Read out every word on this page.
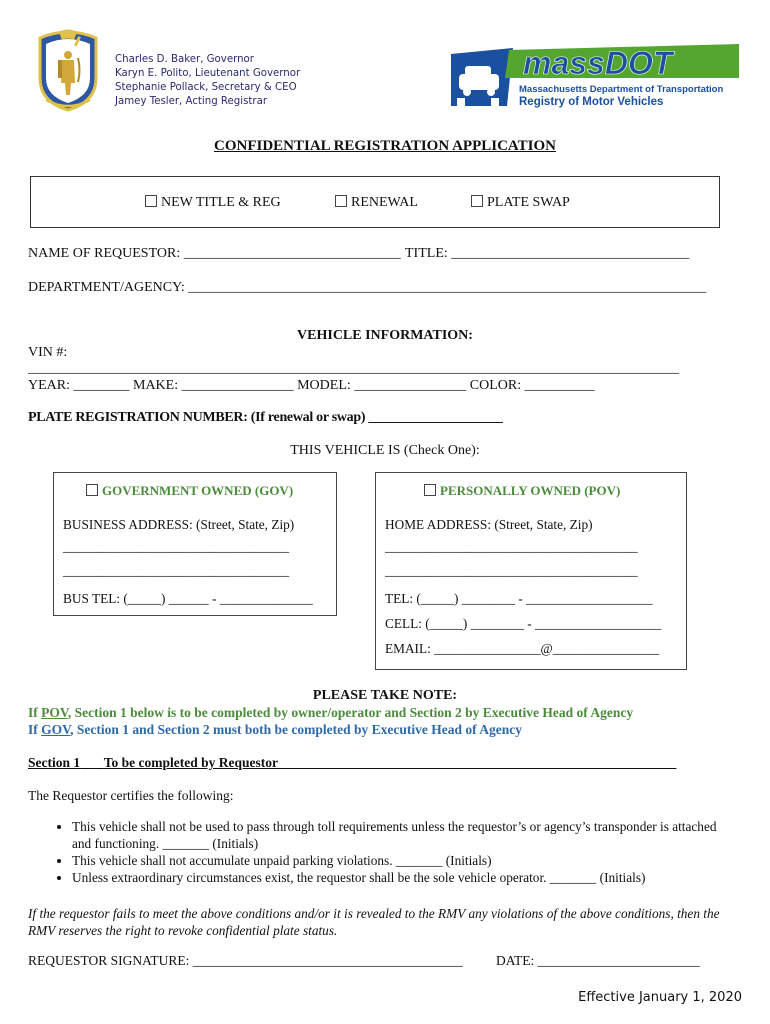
Charles D. Baker, Governor
Karyn E. Polito, Lieutenant Governor
Stephanie Pollack, Secretary & CEO
Jamey Tesler, Acting Registrar
massDOT
Massachusetts Department of Transportation
Registry of Motor Vehicles
CONFIDENTIAL REGISTRATION APPLICATION
NEW TITLE & REG	RENEWAL	PLATE SWAP
NAME OF REQUESTOR: _______________________________ TITLE: __________________________________
DEPARTMENT/AGENCY: __________________________________________________________________________
VEHICLE INFORMATION:
VIN #:
_____________________________________________________________________________________________
YEAR: ________ MAKE: ________________ MODEL: ________________ COLOR: __________
PLATE REGISTRATION NUMBER: (If renewal or swap) ____________________
THIS VEHICLE IS (Check One):
GOVERNMENT OWNED (GOV)
BUSINESS ADDRESS: (Street, State, Zip)
__________________________________
__________________________________
BUS TEL: (_____) ______ - ______________
PERSONALLY OWNED (POV)
HOME ADDRESS: (Street, State, Zip)
______________________________________
______________________________________
TEL: (_____) ________ - ___________________
CELL: (_____) ________ - ___________________
EMAIL: ________________@________________
PLEASE TAKE NOTE:
If POV, Section 1 below is to be completed by owner/operator and Section 2 by Executive Head of Agency
If GOV, Section 1 and Section 2 must both be completed by Executive Head of Agency
Section 1 To be completed by Requestor___________________________________________________________
The Requestor certifies the following:
• This vehicle shall not be used to pass through toll requirements unless the requestor’s or agency’s transponder is attached and functioning. _______ (Initials)
• This vehicle shall not accumulate unpaid parking violations. _______ (Initials)
• Unless extraordinary circumstances exist, the requestor shall be the sole vehicle operator. _______ (Initials)
If the requestor fails to meet the above conditions and/or it is revealed to the RMV any violations of the above conditions, then the RMV reserves the right to revoke confidential plate status.
REQUESTOR SIGNATURE: ________________________________________ DATE: ________________________
Effective January 1, 2020
